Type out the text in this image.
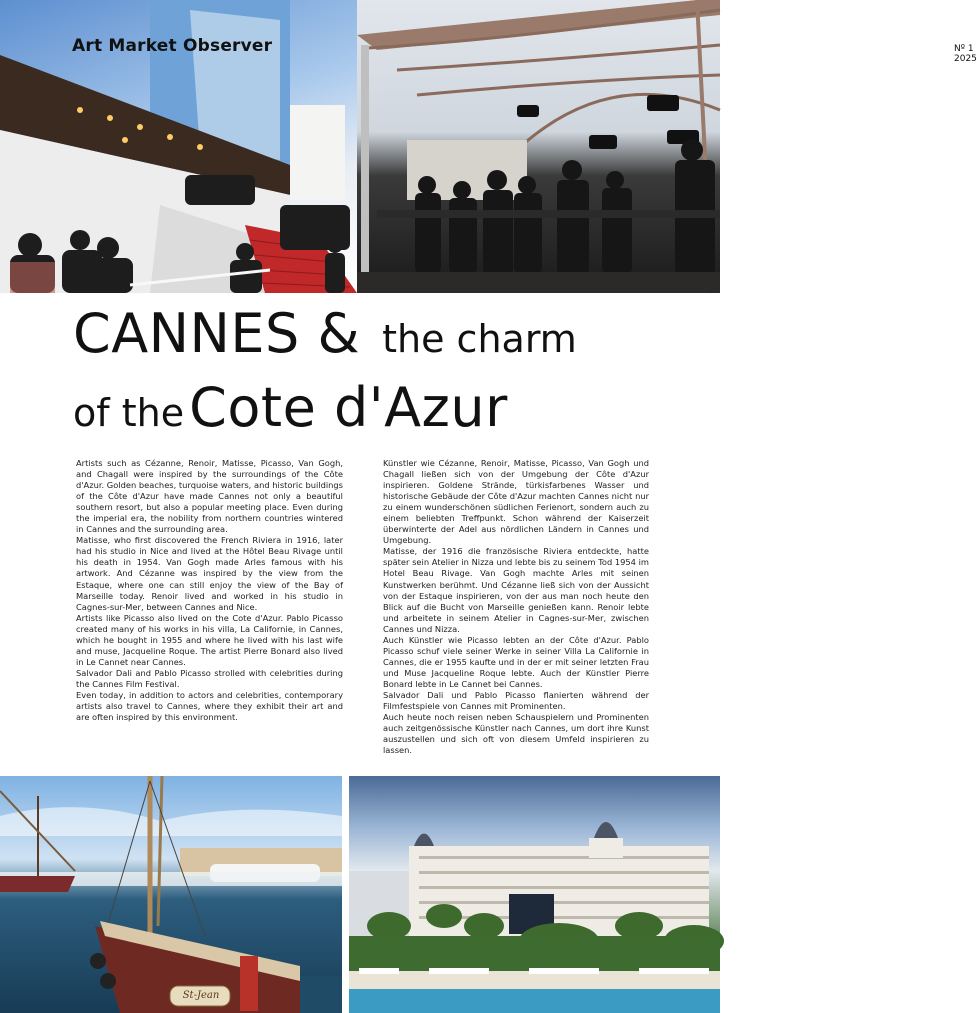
Art Market Observer	Nº 1 2025
CANNES & the charm
of the Cote d'Azur

Artists such as Cézanne, Renoir, Matisse, Picasso, Van Gogh, and Chagall were inspired by the surroundings of the Côte d'Azur. Golden beaches, turquoise waters, and historic buildings of the Côte d'Azur have made Cannes not only a beautiful southern resort, but also a popular meeting place. Even during the imperial era, the nobility from northern countries wintered in Cannes and the surrounding area.

Matisse, who first discovered the French Riviera in 1916, later had his studio in Nice and lived at the Hôtel Beau Rivage until his death in 1954. Van Gogh made Arles famous with his artwork. And Cézanne was inspired by the view from the Estaque, where one can still enjoy the view of the Bay of Marseille today. Renoir lived and worked in his studio in Cagnes-sur-Mer, between Cannes and Nice.

Artists like Picasso also lived on the Cote d'Azur. Pablo Picasso created many of his works in his villa, La Californie, in Cannes, which he bought in 1955 and where he lived with his last wife and muse, Jacqueline Roque. The artist Pierre Bonard also lived in Le Cannet near Cannes.

Salvador Dali and Pablo Picasso strolled with celebrities during the Cannes Film Festival.

Even today, in addition to actors and celebrities, contemporary artists also travel to Cannes, where they exhibit their art and are often inspired by this environment.

Künstler wie Cézanne, Renoir, Matisse, Picasso, Van Gogh und Chagall ließen sich von der Umgebung der Côte d'Azur inspirieren. Goldene Strände, türkisfarbenes Wasser und historische Gebäude der Côte d'Azur machten Cannes nicht nur zu einem wunderschönen südlichen Ferienort, sondern auch zu einem beliebten Treffpunkt. Schon während der Kaiserzeit überwinterte der Adel aus nördlichen Ländern in Cannes und Umgebung.

Matisse, der 1916 die französische Riviera entdeckte, hatte später sein Atelier in Nizza und lebte bis zu seinem Tod 1954 im Hotel Beau Rivage. Van Gogh machte Arles mit seinen Kunstwerken berühmt. Und Cézanne ließ sich von der Aussicht von der Estaque inspirieren, von der aus man noch heute den Blick auf die Bucht von Marseille genießen kann. Renoir lebte und arbeitete in seinem Atelier in Cagnes-sur-Mer, zwischen Cannes und Nizza.

Auch Künstler wie Picasso lebten an der Côte d'Azur. Pablo Picasso schuf viele seiner Werke in seiner Villa La Californie in Cannes, die er 1955 kaufte und in der er mit seiner letzten Frau und Muse Jacqueline Roque lebte. Auch der Künstler Pierre Bonard lebte in Le Cannet bei Cannes.

Salvador Dali und Pablo Picasso flanierten während der Filmfestspiele von Cannes mit Prominenten.

Auch heute noch reisen neben Schauspielern und Prominenten auch zeitgenössische Künstler nach Cannes, um dort ihre Kunst auszustellen und sich oft von diesem Umfeld inspirieren zu lassen.

St-Jean
